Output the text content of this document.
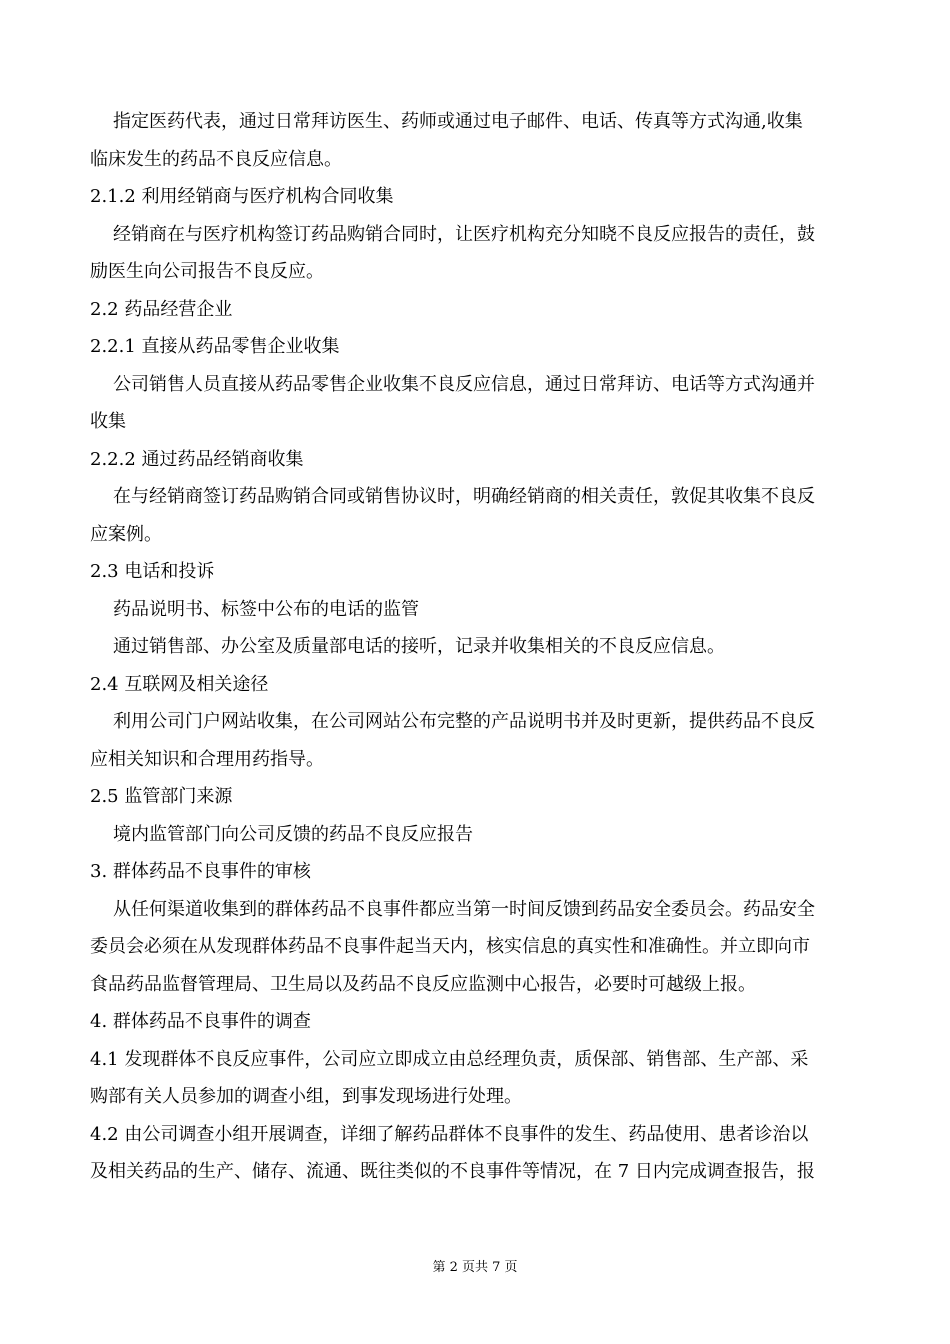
指定医药代表，通过日常拜访医生、药师或通过电子邮件、电话、传真等方式沟通,收集
临床发生的药品不良反应信息。
2.1.2 利用经销商与医疗机构合同收集
经销商在与医疗机构签订药品购销合同时，让医疗机构充分知晓不良反应报告的责任，鼓
励医生向公司报告不良反应。
2.2 药品经营企业
2.2.1 直接从药品零售企业收集
公司销售人员直接从药品零售企业收集不良反应信息，通过日常拜访、电话等方式沟通并
收集
2.2.2 通过药品经销商收集
在与经销商签订药品购销合同或销售协议时，明确经销商的相关责任，敦促其收集不良反
应案例。
2.3 电话和投诉
药品说明书、标签中公布的电话的监管
通过销售部、办公室及质量部电话的接听，记录并收集相关的不良反应信息。
2.4 互联网及相关途径
利用公司门户网站收集，在公司网站公布完整的产品说明书并及时更新，提供药品不良反
应相关知识和合理用药指导。
2.5 监管部门来源
境内监管部门向公司反馈的药品不良反应报告
3. 群体药品不良事件的审核
从任何渠道收集到的群体药品不良事件都应当第一时间反馈到药品安全委员会。药品安全
委员会必须在从发现群体药品不良事件起当天内，核实信息的真实性和准确性。并立即向市
食品药品监督管理局、卫生局以及药品不良反应监测中心报告，必要时可越级上报。
4. 群体药品不良事件的调查
4.1 发现群体不良反应事件，公司应立即成立由总经理负责，质保部、销售部、生产部、采
购部有关人员参加的调查小组，到事发现场进行处理。
4.2 由公司调查小组开展调查，详细了解药品群体不良事件的发生、药品使用、患者诊治以
及相关药品的生产、储存、流通、既往类似的不良事件等情况，在 7 日内完成调查报告，报
第 2 页共 7 页
